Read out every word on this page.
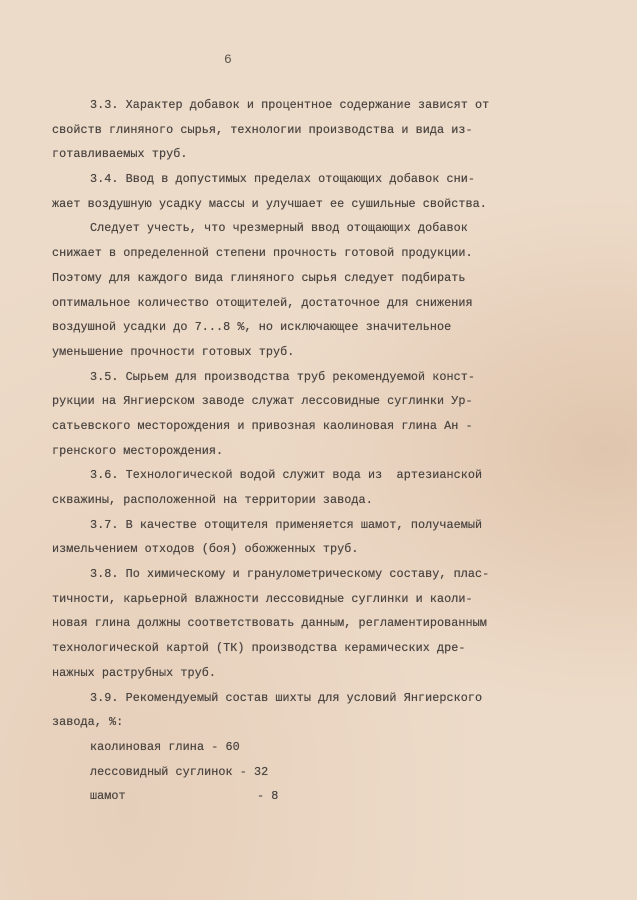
6
3.3. Характер добавок и процентное содержание зависят от
свойств глиняного сырья, технологии производства и вида из-
готавливаемых труб.
3.4. Ввод в допустимых пределах отощающих добавок сни-
жает воздушную усадку массы и улучшает ее сушильные свойства.
Следует учесть, что чрезмерный ввод отощающих добавок
снижает в определенной степени прочность готовой продукции.
Поэтому для каждого вида глиняного сырья следует подбирать
оптимальное количество отощителей, достаточное для снижения
воздушной усадки до 7...8 %, но исключающее значительное
уменьшение прочности готовых труб.
3.5. Сырьем для производства труб рекомендуемой конст-
рукции на Янгиерском заводе служат лессовидные суглинки Ур-
сатьевского месторождения и привозная каолиновая глина Ан -
гренского месторождения.
3.6. Технологической водой служит вода из  артезианской
скважины, расположенной на территории завода.
3.7. В качестве отощителя применяется шамот, получаемый
измельчением отходов (боя) обожженных труб.
3.8. По химическому и гранулометрическому составу, плас-
тичности, карьерной влажности лессовидные суглинки и каоли-
новая глина должны соответствовать данным, регламентированным
технологической картой (ТК) производства керамических дре-
нажных раструбных труб.
3.9. Рекомендуемый состав шихты для условий Янгиерского
завода, %:
каолиновая глина - 60
лессовидный суглинок - 32
шамот	- 8
